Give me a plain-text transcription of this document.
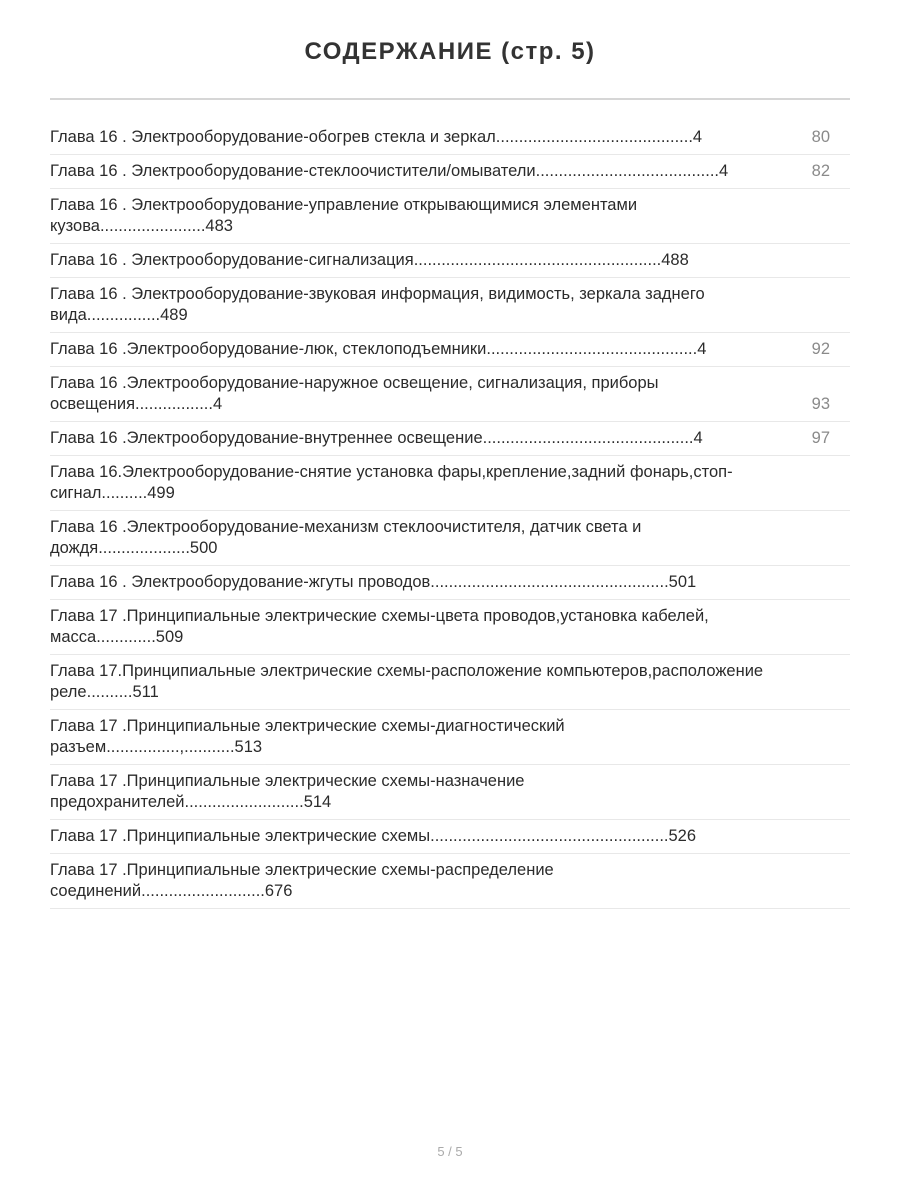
СОДЕРЖАНИЕ (стр. 5)
Глава 16 . Электрооборудование-обогрев стекла и зеркал...........................................4	80
Глава 16 . Электрооборудование-стеклоочистители/омыватели........................................4	82
Глава 16 . Электрооборудование-управление открывающимися элементами
кузова.......................483
Глава 16 . Электрооборудование-сигнализация......................................................488
Глава 16 . Электрооборудование-звуковая информация, видимость, зеркала заднего
вида................489
Глава 16 .Электрооборудование-люк, стеклоподъемники..............................................4	92
Глава 16 .Электрооборудование-наружное освещение, сигнализация, приборы
освещения.................4	93
Глава 16 .Электрооборудование-внутреннее освещение..............................................4	97
Глава 16.Электрооборудование-снятие установка фары,крепление,задний фонарь,стоп-
сигнал..........499
Глава 16 .Электрооборудование-механизм стеклоочистителя, датчик света и
дождя....................500
Глава 16 . Электрооборудование-жгуты проводов....................................................501
Глава 17 .Принципиальные электрические схемы-цвета проводов,установка кабелей,
масса.............509
Глава 17.Принципиальные электрические схемы-расположение компьютеров,расположение
реле..........511
Глава 17 .Принципиальные электрические схемы-диагностический
разъем................,...........513
Глава 17 .Принципиальные электрические схемы-назначение
предохранителей..........................514
Глава 17 .Принципиальные электрические схемы....................................................526
Глава 17 .Принципиальные электрические схемы-распределение
соединений...........................676
5 / 5
